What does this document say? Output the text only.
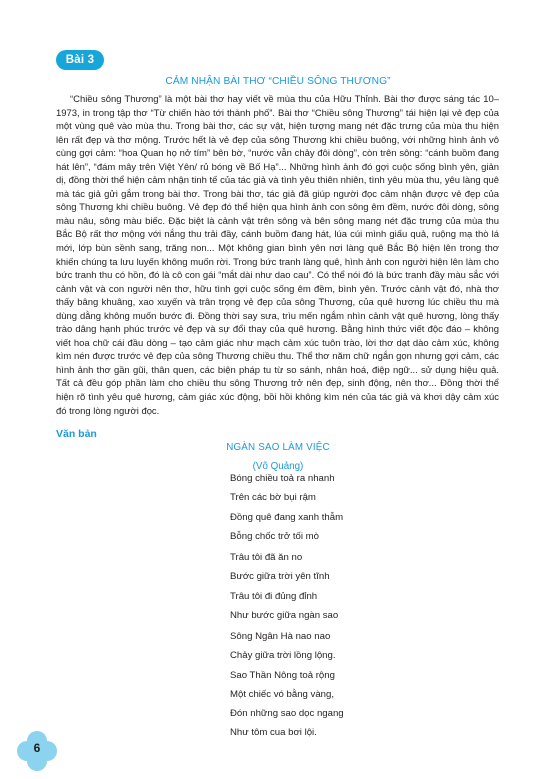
Bài 3
CẢM NHẬN BÀI THƠ “CHIỀU SÔNG THƯƠNG”

“Chiều sông Thương” là một bài thơ hay viết về mùa thu của Hữu Thỉnh. Bài thơ được sáng tác 10–1973, in trong tập thơ “Từ chiến hào tới thành phố”. Bài thơ “Chiều sông Thương” tái hiện lại vẻ đẹp của một vùng quê vào mùa thu. Trong bài thơ, các sự vật, hiện tượng mang nét đặc trưng của mùa thu hiện lên rất đẹp và thơ mộng. Trước hết là vẻ đẹp của sông Thương khi chiều buông, với những hình ảnh vô cùng gợi cảm: “hoa Quan họ nở tím” bên bờ, “nước vẫn chảy đôi dòng”, còn trên sông: “cánh buồm đang hát lên”, “đám mây trên Việt Yên/ rủ bóng về Bố Hạ”... Những hình ảnh đó gợi cuộc sống bình yên, giản dị, đồng thời thể hiện cảm nhận tinh tế của tác giả và tình yêu thiên nhiên, tình yêu mùa thu, yêu làng quê mà tác giả gửi gắm trong bài thơ. Trong bài thơ, tác giả đã giúp người đọc cảm nhận được vẻ đẹp của sông Thương khi chiều buông. Vẻ đẹp đó thể hiện qua hình ảnh con sông êm đềm, nước đôi dòng, sông màu nâu, sông màu biếc. Đặc biệt là cảnh vật trên sông và bên sông mang nét đặc trưng của mùa thu Bắc Bộ rất thơ mộng với nắng thu trải đầy, cánh buồm đang hát, lúa cúi mình giấu quả, ruộng mạ thò lá mới, lớp bùn sềnh sang, trăng non... Một không gian bình yên nơi làng quê Bắc Bộ hiện lên trong thơ khiến chúng ta lưu luyến không muốn rời. Trong bức tranh làng quê, hình ảnh con người hiện lên làm cho bức tranh thu có hồn, đó là cô con gái “mắt dài như dao cau”. Có thể nói đó là bức tranh đầy màu sắc với cảnh vật và con người nên thơ, hữu tình gợi cuộc sống êm đềm, bình yên. Trước cảnh vật đó, nhà thơ thấy bâng khuâng, xao xuyến và trân trọng vẻ đẹp của sông Thương, của quê hương lúc chiều thu mà dùng dằng không muốn bước đi. Đồng thời say sưa, trìu mến ngắm nhìn cảnh vật quê hương, lòng thấy trào dâng hạnh phúc trước vẻ đẹp và sự đổi thay của quê hương. Bằng hình thức viết độc đáo – không viết hoa chữ cái đầu dòng – tạo cảm giác như mạch cảm xúc tuôn trào, lời thơ dạt dào cảm xúc, không kìm nén được trước vẻ đẹp của sông Thương chiều thu. Thể thơ năm chữ ngắn gọn nhưng gợi cảm, các hình ảnh thơ gần gũi, thân quen, các biện pháp tu từ so sánh, nhân hoá, điệp ngữ... sử dụng hiệu quả. Tất cả đều góp phần làm cho chiều thu sông Thương trở nên đẹp, sinh động, nên thơ... Đồng thời thể hiện rõ tình yêu quê hương, cảm giác xúc động, bồi hồi không kìm nén của tác giả và khơi dậy cảm xúc đó trong lòng người đọc.

Văn bản
NGÀN SAO LÀM VIỆC
(Võ Quảng)
Bóng chiều toả ra nhanh
Trên các bờ bụi rậm
Đồng quê đang xanh thẫm
Bỗng chốc trở tối mò
Trâu tôi đã ăn no
Bước giữa trời yên tĩnh
Trâu tôi đi đủng đỉnh
Như bước giữa ngàn sao
Sông Ngân Hà nao nao
Chảy giữa trời lồng lộng.
Sao Thần Nông toả rộng
Một chiếc vó bằng vàng,
Đón những sao dọc ngang
Như tôm cua bơi lội.
6
